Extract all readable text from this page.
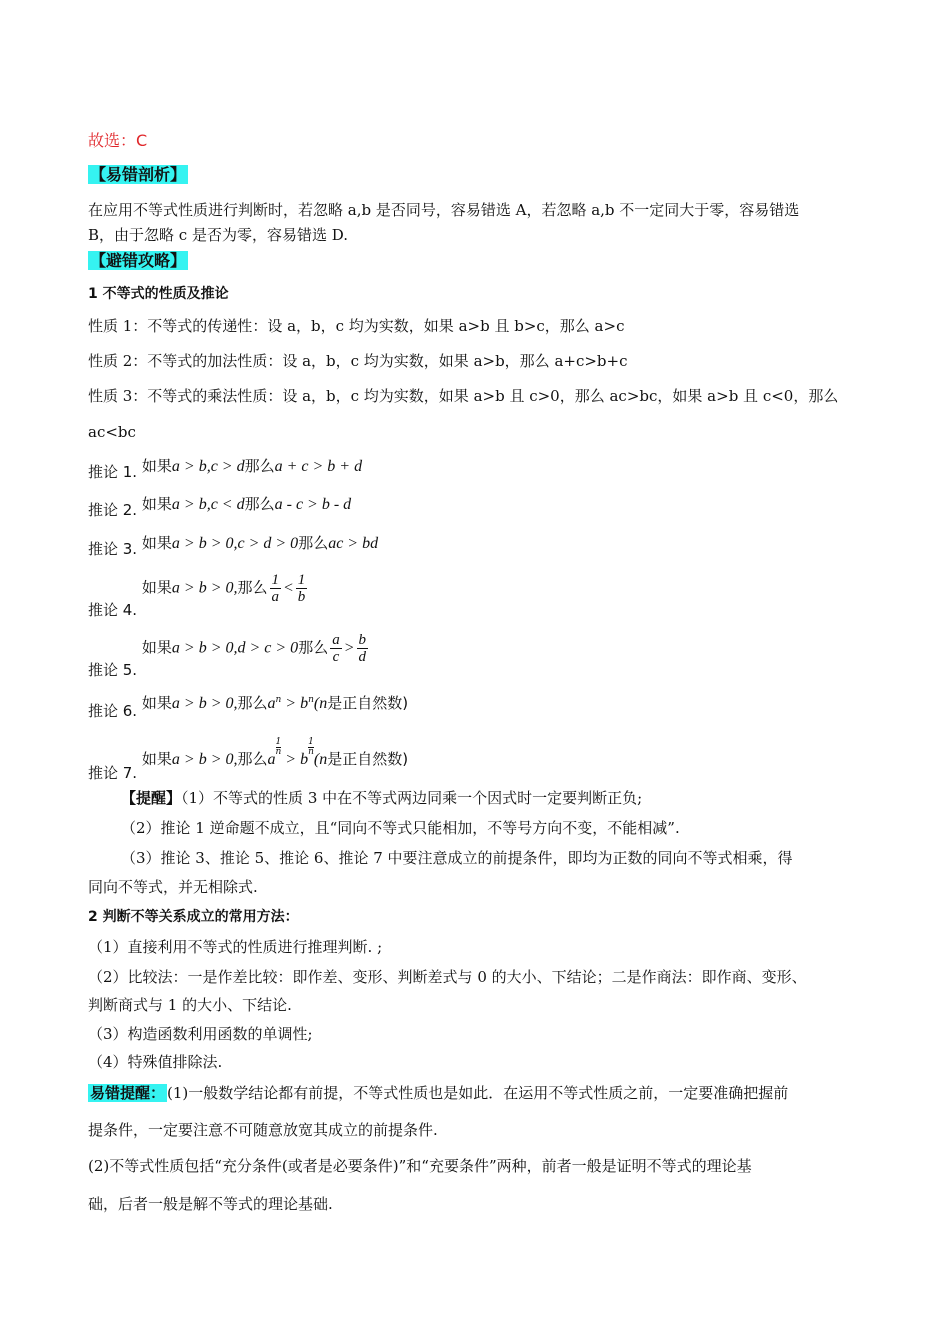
故选：C
【易错剖析】
在应用不等式性质进行判断时，若忽略 a,b 是否同号，容易错选 A，若忽略 a,b 不一定同大于零，容易错选
B，由于忽略 c 是否为零，容易错选 D.
【避错攻略】
1 不等式的性质及推论
性质 1：不等式的传递性：设 a，b，c 均为实数，如果 a>b 且 b>c，那么 a>c
性质 2：不等式的加法性质：设 a，b，c 均为实数，如果 a>b，那么 a+c>b+c
性质 3：不等式的乘法性质：设 a，b，c 均为实数，如果 a>b 且 c>0，那么 ac>bc，如果 a>b 且 c<0，那么
ac<bc
推论 1. 如果a > b,c > d那么a + c > b + d
推论 2. 如果a > b,c < d那么a - c > b - d
推论 3. 如果a > b > 0,c > d > 0那么ac > bd
推论 4. 如果a > b > 0,那么 $\frac{1}{a} < \frac{1}{b}$
推论 5. 如果a > b > 0,d > c > 0那么 $\frac{a}{c} > \frac{b}{d}$
推论 6. 如果a > b > 0,那么$a^n > b^n(n$是正自然数)
推论 7. 如果a > b > 0,那么a
$\frac{1}{n} > b$
$\frac{1}{n}(n$是正自然数)
【提醒】（1）不等式的性质 3 中在不等式两边同乘一个因式时一定要判断正负;
（2）推论 1 逆命题不成立，且“同向不等式只能相加，不等号方向不变，不能相减”.
（3）推论 3、推论 5、推论 6、推论 7 中要注意成立的前提条件，即均为正数的同向不等式相乘，得
同向不等式，并无相除式.
2 判断不等关系成立的常用方法：
（1）直接利用不等式的性质进行推理判断. ;
（2）比较法：一是作差比较：即作差、变形、判断差式与 0 的大小、下结论；二是作商法：即作商、变形、
判断商式与 1 的大小、下结论.
（3）构造函数利用函数的单调性;
（4）特殊值排除法.
易错提醒： (1)一般数学结论都有前提，不等式性质也是如此．在运用不等式性质之前，一定要准确把握前
提条件，一定要注意不可随意放宽其成立的前提条件.
(2)不等式性质包括“充分条件(或者是必要条件)”和“充要条件”两种，前者一般是证明不等式的理论基
础，后者一般是解不等式的理论基础.
